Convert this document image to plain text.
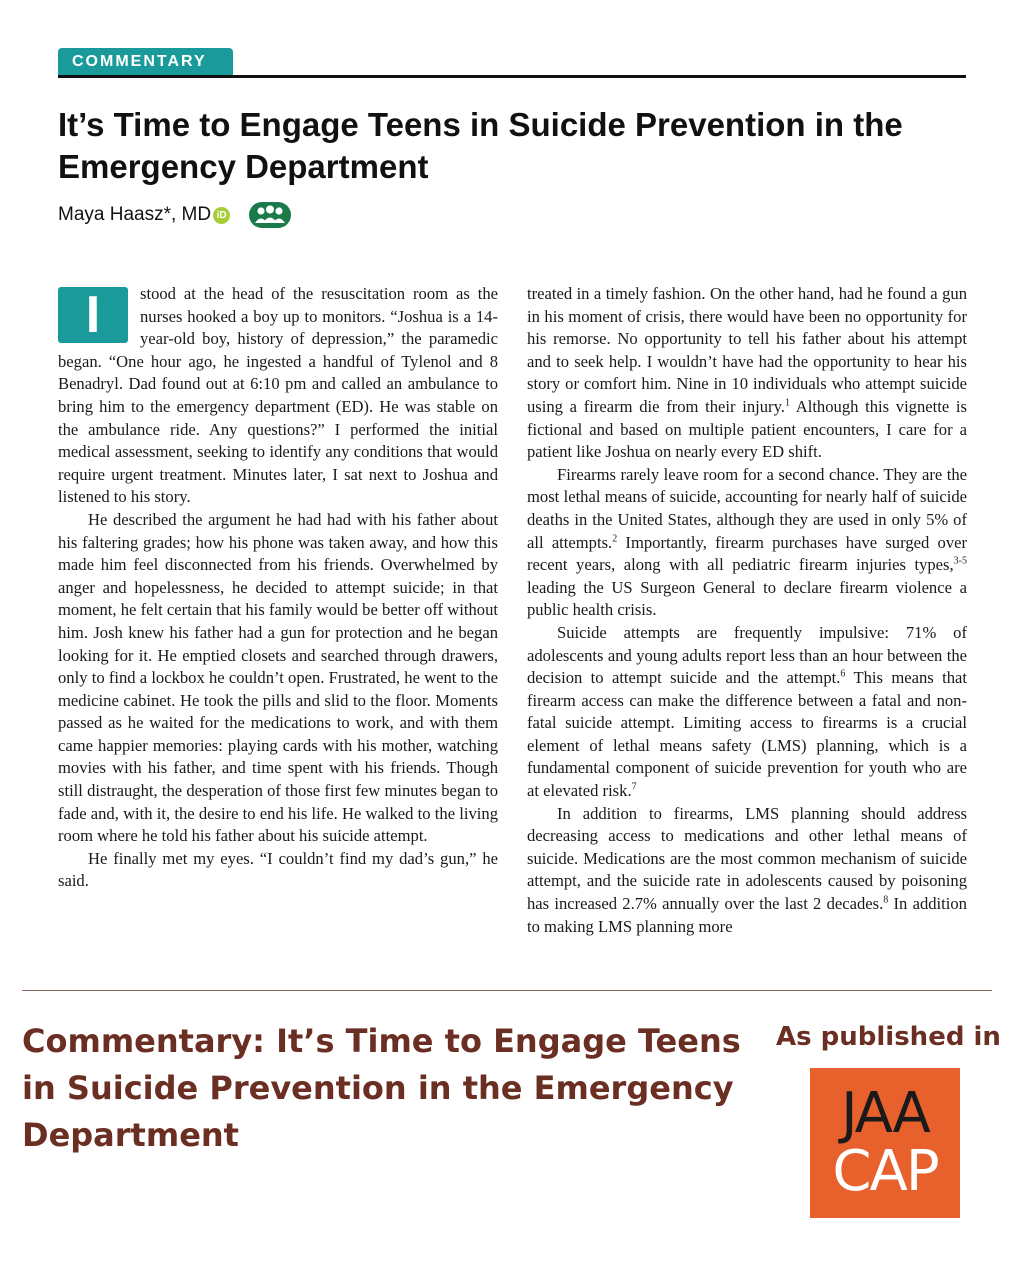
COMMENTARY
It’s Time to Engage Teens in Suicide Prevention in the Emergency Department
Maya Haasz*, MD iD

I	stood at the head of the resuscitation room as the nurses hooked a boy up to monitors. “Joshua is a 14-year-old boy, history of depression,” the paramedic began. “One hour ago, he ingested a handful of Tylenol and 8 Benadryl. Dad found out at 6:10 pm and called an ambulance to bring him to the emergency department (ED). He was stable on the ambulance ride. Any questions?” I performed the initial medical assessment, seeking to identify any conditions that would require urgent treatment. Minutes later, I sat next to Joshua and listened to his story.

He described the argument he had had with his father about his faltering grades; how his phone was taken away, and how this made him feel disconnected from his friends. Overwhelmed by anger and hopelessness, he decided to attempt suicide; in that moment, he felt certain that his family would be better off without him. Josh knew his father had a gun for protection and he began looking for it. He emptied closets and searched through drawers, only to find a lockbox he couldn’t open. Frustrated, he went to the medicine cabinet. He took the pills and slid to the floor. Moments passed as he waited for the medications to work, and with them came happier memories: playing cards with his mother, watching movies with his father, and time spent with his friends. Though still distraught, the desperation of those first few minutes began to fade and, with it, the desire to end his life. He walked to the living room where he told his father about his suicide attempt.

He finally met my eyes. “I couldn’t find my dad’s gun,” he said.

treated in a timely fashion. On the other hand, had he found a gun in his moment of crisis, there would have been no opportunity for his remorse. No opportunity to tell his father about his attempt and to seek help. I wouldn’t have had the opportunity to hear his story or comfort him. Nine in 10 individuals who attempt suicide using a firearm die from their injury.$^1$ Although this vignette is fictional and based on multiple patient encounters, I care for a patient like Joshua on nearly every ED shift.

Firearms rarely leave room for a second chance. They are the most lethal means of suicide, accounting for nearly half of suicide deaths in the United States, although they are used in only 5% of all attempts.$^2$ Importantly, firearm purchases have surged over recent years, along with all pediatric firearm injuries types,$^{3-5}$ leading the US Surgeon General to declare firearm violence a public health crisis.

Suicide attempts are frequently impulsive: 71% of adolescents and young adults report less than an hour between the decision to attempt suicide and the attempt.$^6$ This means that firearm access can make the difference between a fatal and non-fatal suicide attempt. Limiting access to firearms is a crucial element of lethal means safety (LMS) planning, which is a fundamental component of suicide prevention for youth who are at elevated risk.$^7$

In addition to firearms, LMS planning should address decreasing access to medications and other lethal means of suicide. Medications are the most common mechanism of suicide attempt, and the suicide rate in adolescents caused by poisoning has increased 2.7% annually over the last 2 decades.$^8$ In addition to making LMS planning more

Commentary: It’s Time to Engage Teens in Suicide Prevention in the Emergency Department
As published in
JAA
CAP
